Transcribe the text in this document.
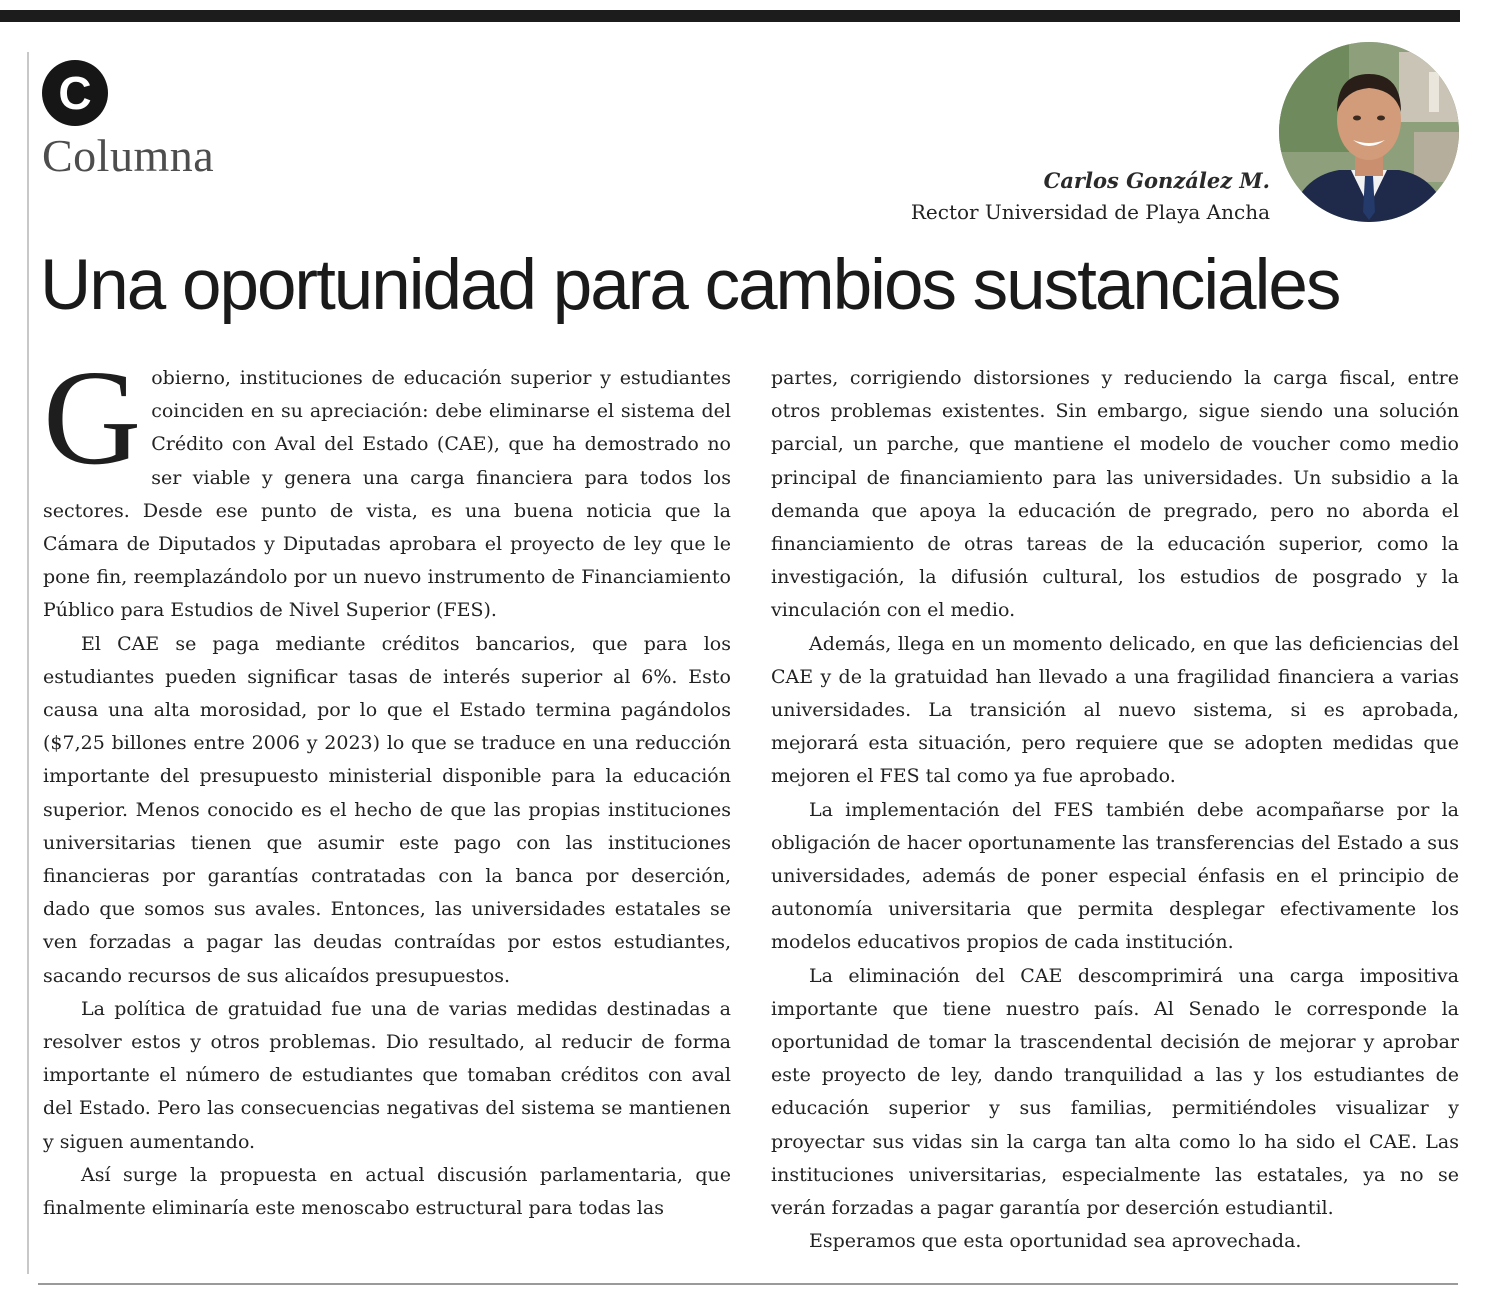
C
Columna	Carlos González M.
Rector Universidad de Playa Ancha
Una oportunidad para cambios sustanciales

Gobierno, instituciones de educación superior y estudiantes coinciden en su apreciación: debe eliminarse el sistema del Crédito con Aval del Estado (CAE), que ha demostrado no ser viable y genera una carga financiera para todos los sectores. Desde ese punto de vista, es una buena noticia que la Cámara de Diputados y Diputadas aprobara el proyecto de ley que le pone fin, reemplazándolo por un nuevo instrumento de Financiamiento Público para Estudios de Nivel Superior (FES).

El CAE se paga mediante créditos bancarios, que para los estudiantes pueden significar tasas de interés superior al 6%. Esto causa una alta morosidad, por lo que el Estado termina pagándolos ($7,25 billones entre 2006 y 2023) lo que se traduce en una reducción importante del presupuesto ministerial disponible para la educación superior. Menos conocido es el hecho de que las propias instituciones universitarias tienen que asumir este pago con las instituciones financieras por garantías contratadas con la banca por deserción, dado que somos sus avales. Entonces, las universidades estatales se ven forzadas a pagar las deudas contraídas por estos estudiantes, sacando recursos de sus alicaídos presupuestos.

La política de gratuidad fue una de varias medidas destinadas a resolver estos y otros problemas. Dio resultado, al reducir de forma importante el número de estudiantes que tomaban créditos con aval del Estado. Pero las consecuencias negativas del sistema se mantienen y siguen aumentando.

Así surge la propuesta en actual discusión parlamentaria, que finalmente eliminaría este menoscabo estructural para todas las

partes, corrigiendo distorsiones y reduciendo la carga fiscal, entre otros problemas existentes. Sin embargo, sigue siendo una solución parcial, un parche, que mantiene el modelo de voucher como medio principal de financiamiento para las universidades. Un subsidio a la demanda que apoya la educación de pregrado, pero no aborda el financiamiento de otras tareas de la educación superior, como la investigación, la difusión cultural, los estudios de posgrado y la vinculación con el medio.

Además, llega en un momento delicado, en que las deficiencias del CAE y de la gratuidad han llevado a una fragilidad financiera a varias universidades. La transición al nuevo sistema, si es aprobada, mejorará esta situación, pero requiere que se adopten medidas que mejoren el FES tal como ya fue aprobado.

La implementación del FES también debe acompañarse por la obligación de hacer oportunamente las transferencias del Estado a sus universidades, además de poner especial énfasis en el principio de autonomía universitaria que permita desplegar efectivamente los modelos educativos propios de cada institución.

La eliminación del CAE descomprimirá una carga impositiva importante que tiene nuestro país. Al Senado le corresponde la oportunidad de tomar la trascendental decisión de mejorar y aprobar este proyecto de ley, dando tranquilidad a las y los estudiantes de educación superior y sus familias, permitiéndoles visualizar y proyectar sus vidas sin la carga tan alta como lo ha sido el CAE. Las instituciones universitarias, especialmente las estatales, ya no se verán forzadas a pagar garantía por deserción estudiantil.

Esperamos que esta oportunidad sea aprovechada.
